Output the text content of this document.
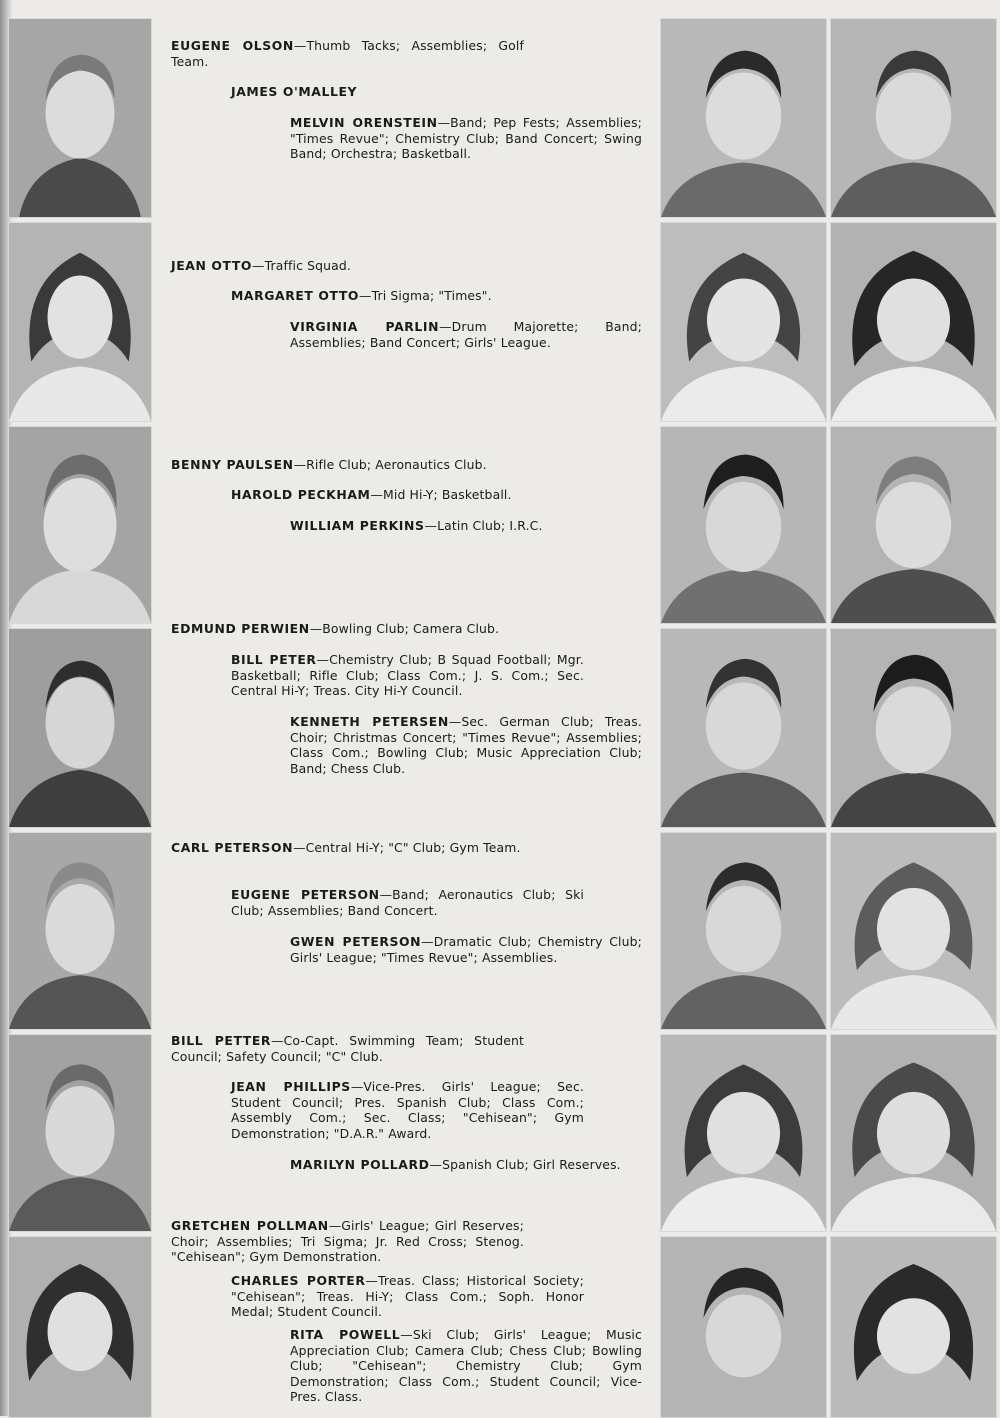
EUGENE OLSON—Thumb Tacks; Assemblies; Golf Team.
JAMES O'MALLEY
MELVIN ORENSTEIN—Band; Pep Fests; Assemblies; "Times Revue"; Chemistry Club; Band Concert; Swing Band; Orchestra; Basketball.
JEAN OTTO—Traffic Squad.
MARGARET OTTO—Tri Sigma; "Times".
VIRGINIA PARLIN—Drum Majorette; Band; Assemblies; Band Concert; Girls' League.
BENNY PAULSEN—Rifle Club; Aeronautics Club.
HAROLD PECKHAM—Mid Hi-Y; Basketball.
WILLIAM PERKINS—Latin Club; I.R.C.
EDMUND PERWIEN—Bowling Club; Camera Club.
BILL PETER—Chemistry Club; B Squad Football; Mgr. Basketball; Rifle Club; Class Com.; J. S. Com.; Sec. Central Hi-Y; Treas. City Hi-Y Council.
KENNETH PETERSEN—Sec. German Club; Treas. Choir; Christmas Concert; "Times Revue"; Assemblies; Class Com.; Bowling Club; Music Appreciation Club; Band; Chess Club.
CARL PETERSON—Central Hi-Y; "C" Club; Gym Team.
EUGENE PETERSON—Band; Aeronautics Club; Ski Club; Assemblies; Band Concert.
GWEN PETERSON—Dramatic Club; Chemistry Club; Girls' League; "Times Revue"; Assemblies.
BILL PETTER—Co-Capt. Swimming Team; Student Council; Safety Council; "C" Club.
JEAN PHILLIPS—Vice-Pres. Girls' League; Sec. Student Council; Pres. Spanish Club; Class Com.; Assembly Com.; Sec. Class; "Cehisean"; Gym Demonstration; "D.A.R." Award.
MARILYN POLLARD—Spanish Club; Girl Reserves.
GRETCHEN POLLMAN—Girls' League; Girl Reserves; Choir; Assemblies; Tri Sigma; Jr. Red Cross; Stenog. "Cehisean"; Gym Demonstration.
CHARLES PORTER—Treas. Class; Historical Society; "Cehisean"; Treas. Hi-Y; Class Com.; Soph. Honor Medal; Student Council.
RITA POWELL—Ski Club; Girls' League; Music Appreciation Club; Camera Club; Chess Club; Bowling Club; "Cehisean"; Chemistry Club; Gym Demonstration; Class Com.; Student Council; Vice-Pres. Class.
